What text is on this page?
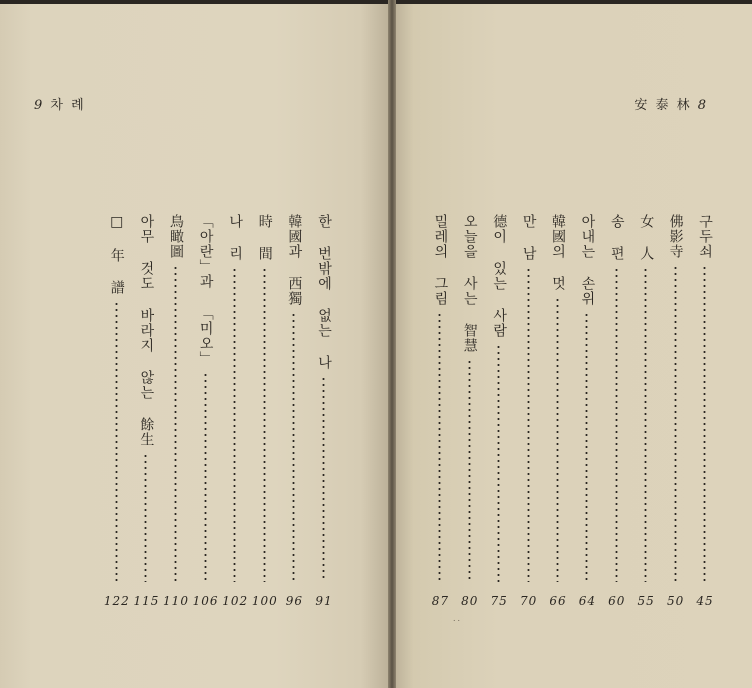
9 차 례
한 번밖에 없는 나
91
韓國과 西獨
96
時 間
100
나 리
102
「아란」과 「미오」
106
鳥瞰圖
110
아무 것도 바라지 않는 餘生
115
□ 年 譜
122
安 泰 林 8
구두쇠
45
佛影寺
50
女 人
55
송 편
60
아내는 손위
64
韓國의 멋
66
만 남
70
德이 있는 사람
75
오늘을 사는 智慧
80
밀레의 그림
87
˙˙
